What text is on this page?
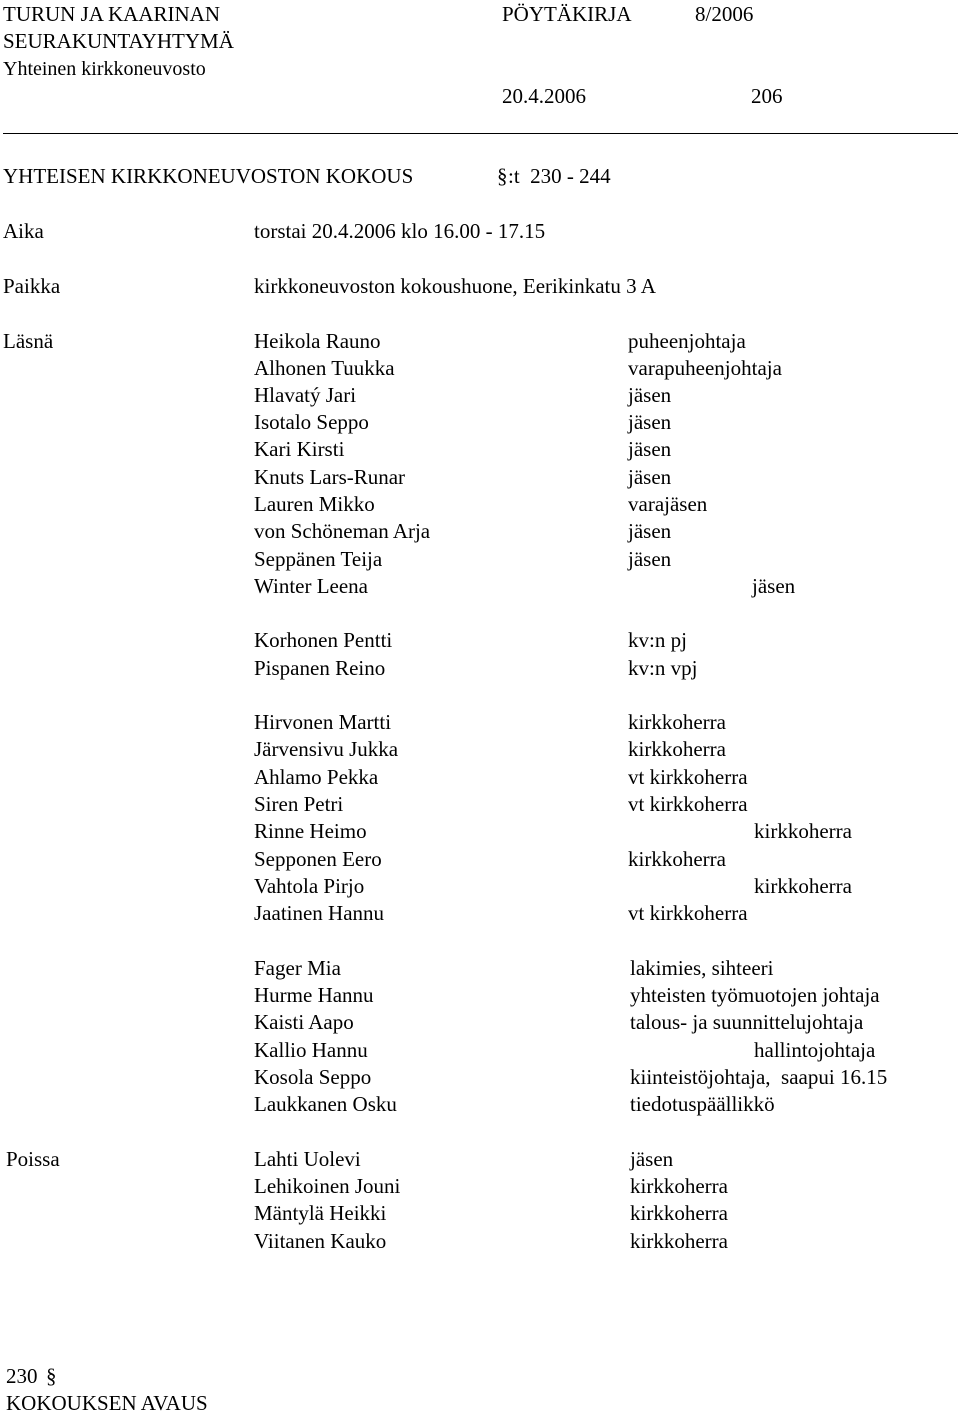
TURUN JA KAARINAN
SEURAKUNTAYHTYMÄ
Yhteinen kirkkoneuvosto
PÖYTÄKIRJA	8/2006
20.4.2006	206
YHTEISEN KIRKKONEUVOSTON KOKOUS	§ :t  230 - 244
Aika	torstai 20.4.2006 klo 16.00 - 17.15
Paikka	kirkkoneuvoston kokoushuone, Eerikinkatu 3 A
Läsnä	Heikola Rauno	puheenjohtaja
Alhonen Tuukka	varapuheenjohtaja
Hlavatý Jari	jäsen
Isotalo Seppo	jäsen
Kari Kirsti	jäsen
Knuts Lars-Runar	jäsen
Lauren Mikko	varajäsen
von Schöneman Arja	jäsen
Seppänen Teija	jäsen
Winter Leena	jäsen
Korhonen Pentti	kv:n pj
Pispanen Reino	kv:n vpj
Hirvonen Martti	kirkkoherra
Järvensivu Jukka	kirkkoherra
Ahlamo Pekka	vt kirkkoherra
Siren Petri	vt kirkkoherra
Rinne Heimo	kirkkoherra
Sepponen Eero	kirkkoherra
Vahtola Pirjo	kirkkoherra
Jaatinen Hannu	vt kirkkoherra
Fager Mia	lakimies, sihteeri
Hurme Hannu	yhteisten työmuotojen johtaja
Kaisti Aapo	talous- ja suunnittelujohtaja
Kallio Hannu	hallintojohtaja
Kosola Seppo	kiinteistöjohtaja,  saapui 16.15
Laukkanen Osku	tiedotuspäällikkö
Poissa	Lahti Uolevi	jäsen
Lehikoinen Jouni	kirkkoherra
Mäntylä Heikki	kirkkoherra
Viitanen Kauko	kirkkoherra
230 §
KOKOUKSEN AVAUS
